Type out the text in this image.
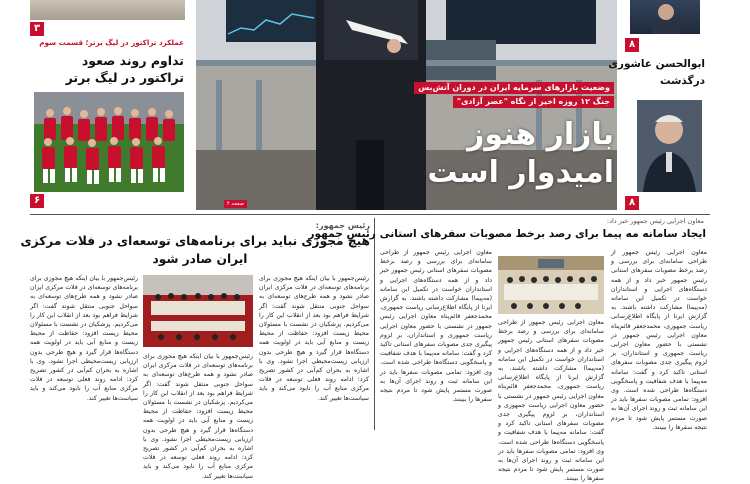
۳
عملکرد تراکتور در لیگ برتر؛ قسمت سوم
تداوم روند صعود تراکتور در لیگ برتر
۶
وضعیت بازارهای سرمایه ایران در دوران آتش‌بس
جنگ ۱۲ روزه اخیر از نگاه "عصر آزادی"
بازار هنوز
امیدوار است
صفحه ۴
۸
ابوالحسن عاشوری
درگذشت
۸
معاون اجرایی رئیس جمهور خبر داد:
ایجاد سامانه مه پیما برای رصد برخط مصوبات سفرهای استانی رئیس جمهور
معاون اجرایی رئیس جمهور از طراحی سامانه‌ای برای بررسی و رصد برخط مصوبات سفرهای استانی رئیس جمهور خبر داد و از همه دستگاه‌های اجرایی و استانداران خواست در تکمیل این سامانه (مه‌پیما) مشارکت داشته باشند. به گزارش ایرنا از پایگاه اطلاع‌رسانی ریاست جمهوری، محمدجعفر قائم‌پناه معاون اجرایی رئیس جمهور در نشستی با حضور معاون اجرایی ریاست جمهوری و استانداران، بر لزوم پیگیری جدی مصوبات سفرهای استانی تاکید کرد و گفت: سامانه مه‌پیما با هدف شفافیت و پاسخگویی دستگاه‌ها طراحی شده است. وی افزود: تمامی مصوبات سفرها باید در این سامانه ثبت و روند اجرای آن‌ها به صورت مستمر پایش شود تا مردم نتیجه سفرها را ببینند.
معاون اجرایی رئیس جمهور از طراحی سامانه‌ای برای بررسی و رصد برخط مصوبات سفرهای استانی رئیس جمهور خبر داد و از همه دستگاه‌های اجرایی و استانداران خواست در تکمیل این سامانه (مه‌پیما) مشارکت داشته باشند. به گزارش ایرنا از پایگاه اطلاع‌رسانی ریاست جمهوری، محمدجعفر قائم‌پناه معاون اجرایی رئیس جمهور در نشستی با حضور معاون اجرایی ریاست جمهوری و استانداران، بر لزوم پیگیری جدی مصوبات سفرهای استانی تاکید کرد و گفت: سامانه مه‌پیما با هدف شفافیت و پاسخگویی دستگاه‌ها طراحی شده است. وی افزود: تمامی مصوبات سفرها باید در این سامانه ثبت و روند اجرای آن‌ها به صورت مستمر پایش شود تا مردم نتیجه سفرها را ببینند.
معاون اجرایی رئیس جمهور از طراحی سامانه‌ای برای بررسی و رصد برخط مصوبات سفرهای استانی رئیس جمهور خبر داد و از همه دستگاه‌های اجرایی و استانداران خواست در تکمیل این سامانه (مه‌پیما) مشارکت داشته باشند. به گزارش ایرنا از پایگاه اطلاع‌رسانی ریاست جمهوری، محمدجعفر قائم‌پناه معاون اجرایی رئیس جمهور در نشستی با حضور معاون اجرایی ریاست جمهوری و استانداران، بر لزوم پیگیری جدی مصوبات سفرهای استانی تاکید کرد و گفت: سامانه مه‌پیما با هدف شفافیت و پاسخگویی دستگاه‌ها طراحی شده است. وی افزود: تمامی مصوبات سفرها باید در این سامانه ثبت و روند اجرای آن‌ها به صورت مستمر پایش شود تا مردم نتیجه سفرها را ببینند.
رئیس جمهور:
هیچ مجوزی نباید برای برنامه‌های توسعه‌ای در فلات مرکزی
ایران صادر شود
رئیس‌جمهور با بیان اینکه هیچ مجوزی برای برنامه‌های توسعه‌ای در فلات مرکزی ایران صادر نشود و همه طرح‌های توسعه‌ای به سواحل جنوبی منتقل شوند گفت: اگر شرایط فراهم بود بعد از انقلاب این کار را می‌کردیم. پزشکیان در نشست با مسئولان محیط زیست افزود: حفاظت از محیط زیست و منابع آبی باید در اولویت همه دستگاه‌ها قرار گیرد و هیچ طرحی بدون ارزیابی زیست‌محیطی اجرا نشود. وی با اشاره به بحران کم‌آبی در کشور تصریح کرد: ادامه روند فعلی توسعه در فلات مرکزی منابع آب را نابود می‌کند و باید سیاست‌ها تغییر کند.
رئیس‌جمهور با بیان اینکه هیچ مجوزی برای برنامه‌های توسعه‌ای در فلات مرکزی ایران صادر نشود و همه طرح‌های توسعه‌ای به سواحل جنوبی منتقل شوند گفت: اگر شرایط فراهم بود بعد از انقلاب این کار را می‌کردیم. پزشکیان در نشست با مسئولان محیط زیست افزود: حفاظت از محیط زیست و منابع آبی باید در اولویت همه دستگاه‌ها قرار گیرد و هیچ طرحی بدون ارزیابی زیست‌محیطی اجرا نشود. وی با اشاره به بحران کم‌آبی در کشور تصریح کرد: ادامه روند فعلی توسعه در فلات مرکزی منابع آب را نابود می‌کند و باید سیاست‌ها تغییر کند.
رئیس‌جمهور با بیان اینکه هیچ مجوزی برای برنامه‌های توسعه‌ای در فلات مرکزی ایران صادر نشود و همه طرح‌های توسعه‌ای به سواحل جنوبی منتقل شوند گفت: اگر شرایط فراهم بود بعد از انقلاب این کار را می‌کردیم. پزشکیان در نشست با مسئولان محیط زیست افزود: حفاظت از محیط زیست و منابع آبی باید در اولویت همه دستگاه‌ها قرار گیرد و هیچ طرحی بدون ارزیابی زیست‌محیطی اجرا نشود. وی با اشاره به بحران کم‌آبی در کشور تصریح کرد: ادامه روند فعلی توسعه در فلات مرکزی منابع آب را نابود می‌کند و باید سیاست‌ها تغییر کند.
